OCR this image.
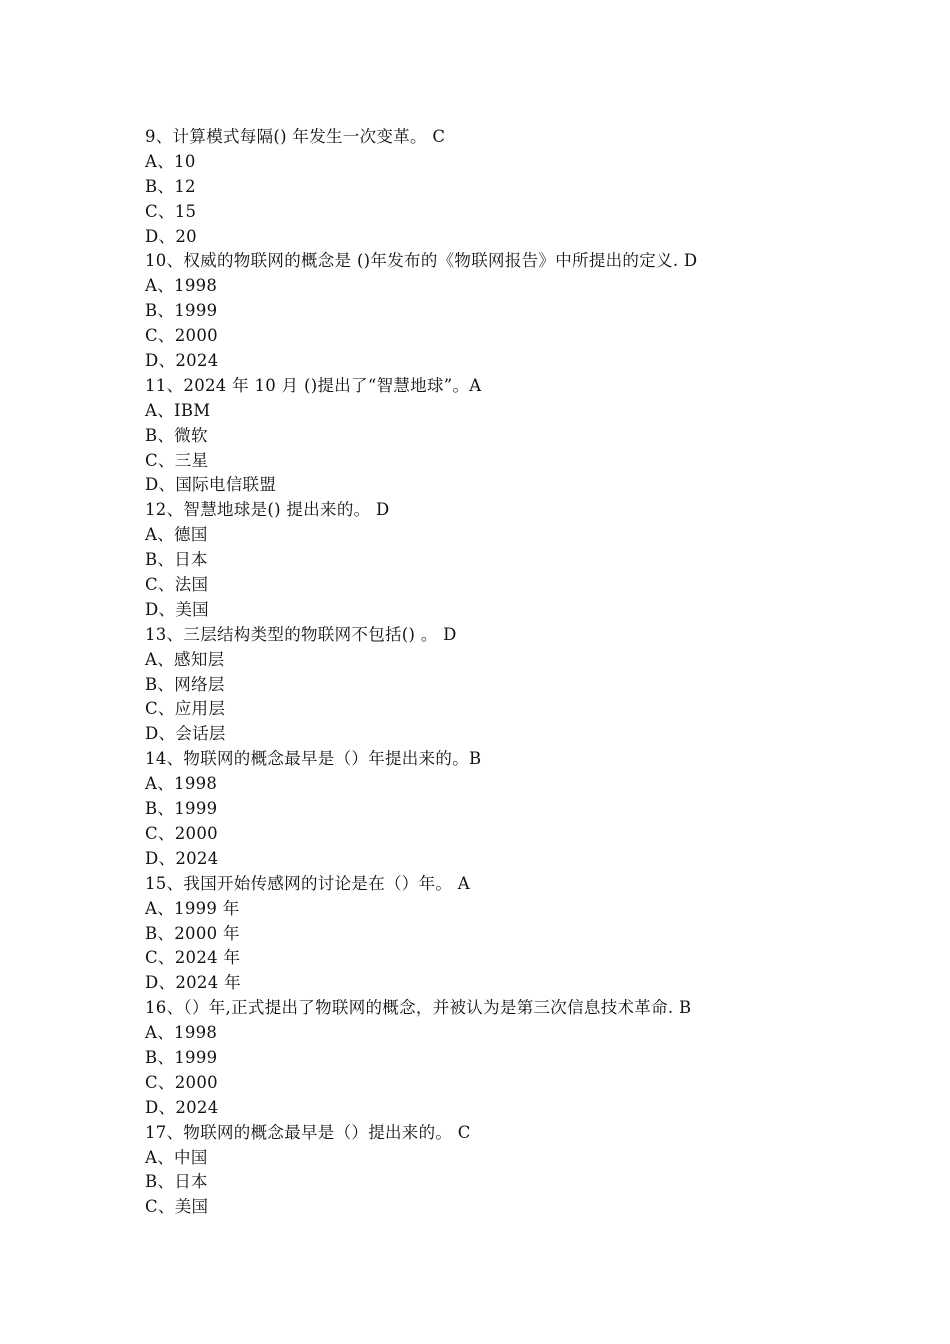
9、计算模式每隔() 年发生一次变革。 C
A、10
B、12
C、15
D、20
10、权威的物联网的概念是 ()年发布的《物联网报告》中所提出的定义. D
A、1998
B、1999
C、2000
D、2024
11、2024 年 10 月 ()提出了“智慧地球”。A
A、IBM
B、微软
C、三星
D、国际电信联盟
12、智慧地球是() 提出来的。 D
A、德国
B、日本
C、法国
D、美国
13、三层结构类型的物联网不包括() 。 D
A、感知层
B、网络层
C、应用层
D、会话层
14、物联网的概念最早是（）年提出来的。B
A、1998
B、1999
C、2000
D、2024
15、我国开始传感网的讨论是在（）年。 A
A、1999 年
B、2000 年
C、2024 年
D、2024 年
16、（）年,正式提出了物联网的概念，并被认为是第三次信息技术革命. B
A、1998
B、1999
C、2000
D、2024
17、物联网的概念最早是（）提出来的。 C
A、中国
B、日本
C、美国
